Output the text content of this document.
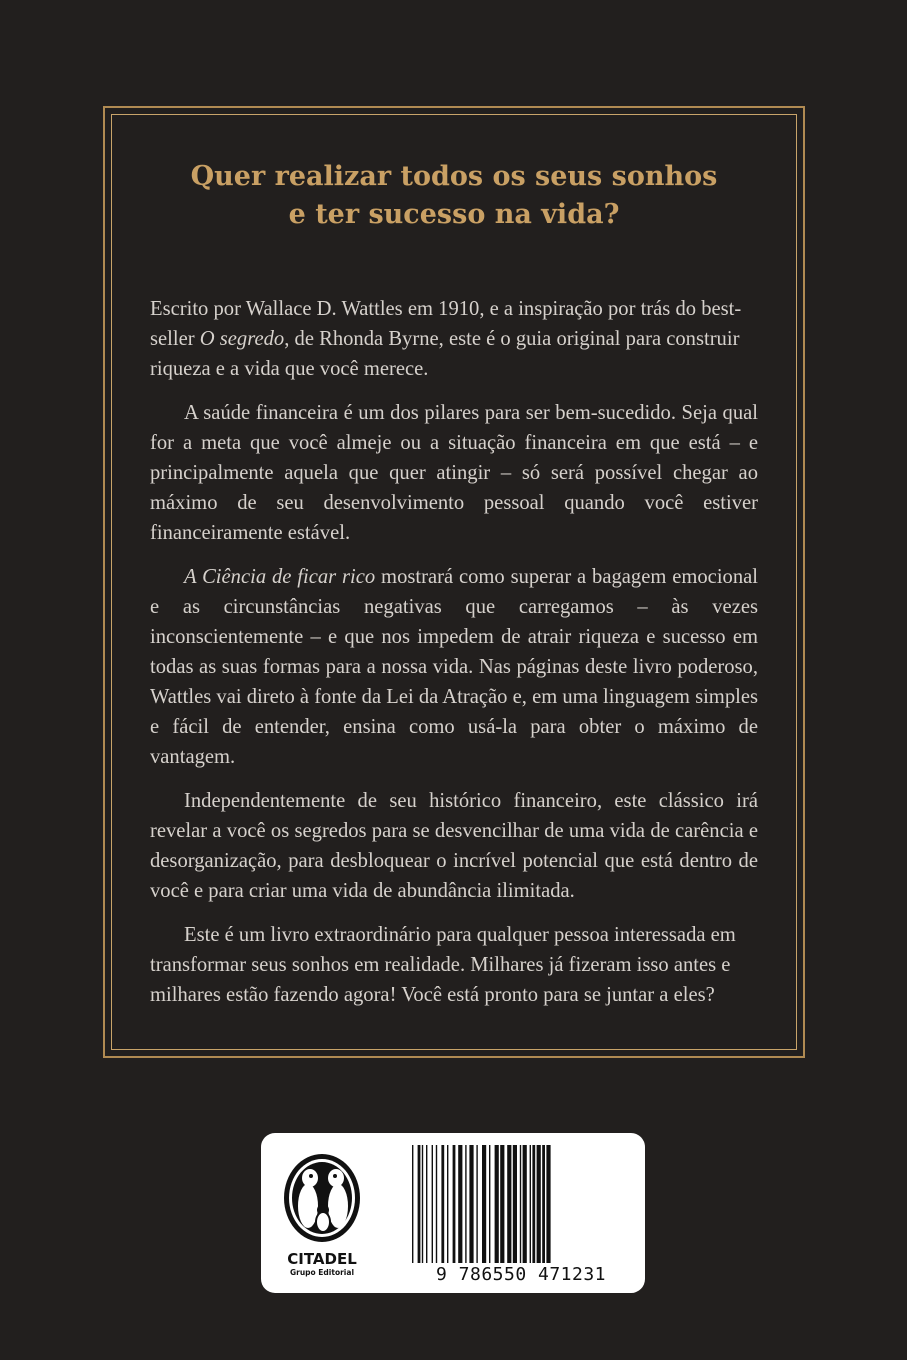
Quer realizar todos os seus sonhos
e ter sucesso na vida?

Escrito por Wallace D. Wattles em 1910, e a inspiração por trás do best-seller O segredo, de Rhonda Byrne, este é o guia original para construir riqueza e a vida que você merece.

A saúde financeira é um dos pilares para ser bem-sucedido. Seja qual for a meta que você almeje ou a situação financeira em que está – e principalmente aquela que quer atingir – só será possível chegar ao máximo de seu desenvolvimento pessoal quando você estiver financeiramente estável.

A Ciência de ficar rico mostrará como superar a bagagem emocional e as circunstâncias negativas que carregamos – às vezes inconscientemente – e que nos impedem de atrair riqueza e sucesso em todas as suas formas para a nossa vida. Nas páginas deste livro poderoso, Wattles vai direto à fonte da Lei da Atração e, em uma linguagem simples e fácil de entender, ensina como usá-la para obter o máximo de vantagem.

Independentemente de seu histórico financeiro, este clássico irá revelar a você os segredos para se desvencilhar de uma vida de carência e desorganização, para desbloquear o incrível potencial que está dentro de você e para criar uma vida de abundância ilimitada.

Este é um livro extraordinário para qualquer pessoa interessada em transformar seus sonhos em realidade. Milhares já fizeram isso antes e milhares estão fazendo agora! Você está pronto para se juntar a eles?

CITADEL
Grupo Editorial	9 786550 471231
